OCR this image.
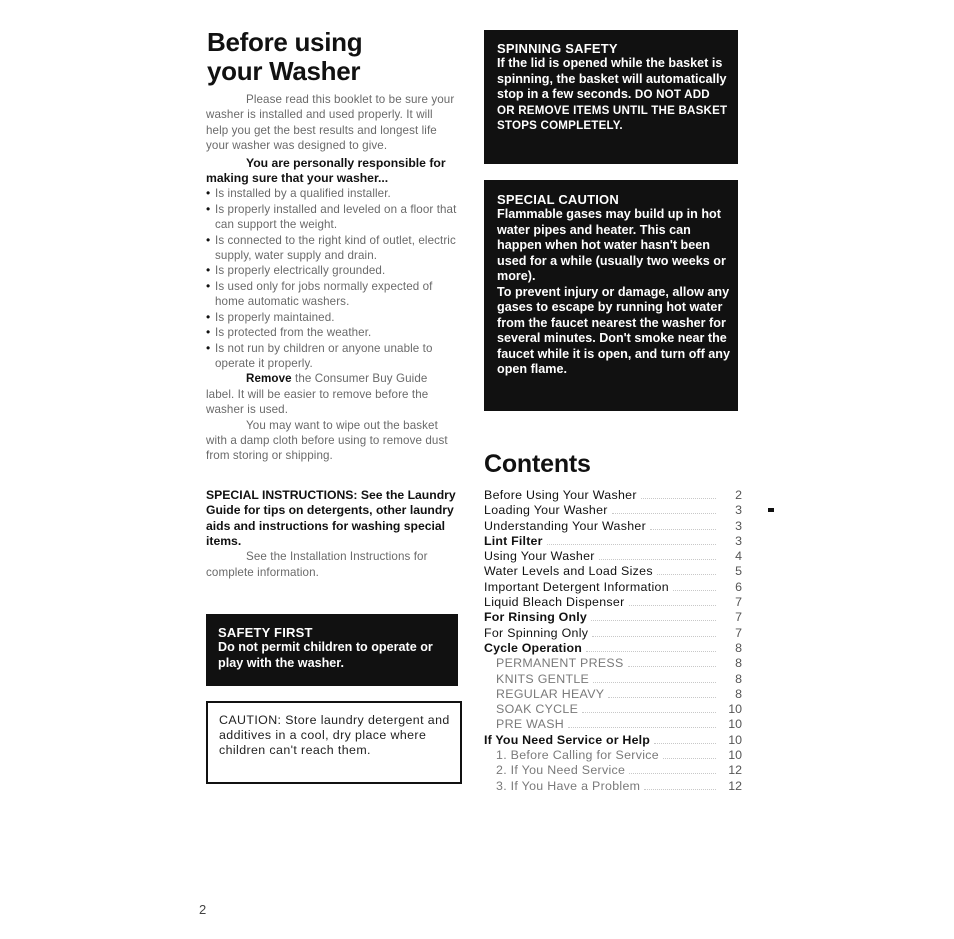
Before using
your Washer

Please read this booklet to be sure your washer is installed and used properly. It will help you get the best results and longest life your washer was designed to give.

You are personally responsible for making sure that your washer...

• Is installed by a qualified installer.
• Is properly installed and leveled on a floor that can support the weight.
• Is connected to the right kind of outlet, electric supply, water supply and drain.
• Is properly electrically grounded.
• Is used only for jobs normally expected of home automatic washers.
• Is properly maintained.
• Is protected from the weather.
• Is not run by children or anyone unable to operate it properly.

Remove the Consumer Buy Guide label. It will be easier to remove before the washer is used.

You may want to wipe out the basket with a damp cloth before using to remove dust from storing or shipping.

SPECIAL INSTRUCTIONS: See the Laundry Guide for tips on detergents, other laundry aids and instructions for washing special items.

See the Installation Instructions for complete information.

SAFETY FIRST
Do not permit children to operate or play with the washer.
CAUTION: Store laundry detergent and additives in a cool, dry place where children can't reach them.
SPINNING SAFETY
If the lid is opened while the basket is spinning, the basket will automatically stop in a few seconds. DO NOT ADD OR REMOVE ITEMS UNTIL THE BASKET STOPS COMPLETELY.
SPECIAL CAUTION
Flammable gases may build up in hot water pipes and heater. This can happen when hot water hasn't been used for a while (usually two weeks or more).
To prevent injury or damage, allow any gases to escape by running hot water from the faucet nearest the washer for several minutes. Don't smoke near the faucet while it is open, and turn off any open flame.
Contents
Before Using Your Washer	2
Loading Your Washer	3
Understanding Your Washer	3
Lint Filter	3
Using Your Washer	4
Water Levels and Load Sizes	5
Important Detergent Information	6
Liquid Bleach Dispenser	7
For Rinsing Only	7
For Spinning Only	7
Cycle Operation	8
PERMANENT PRESS	8
KNITS GENTLE	8
REGULAR HEAVY	8
SOAK CYCLE	10
PRE WASH	10
If You Need Service or Help	10
1. Before Calling for Service	10
2. If You Need Service	12
3. If You Have a Problem	12
2
